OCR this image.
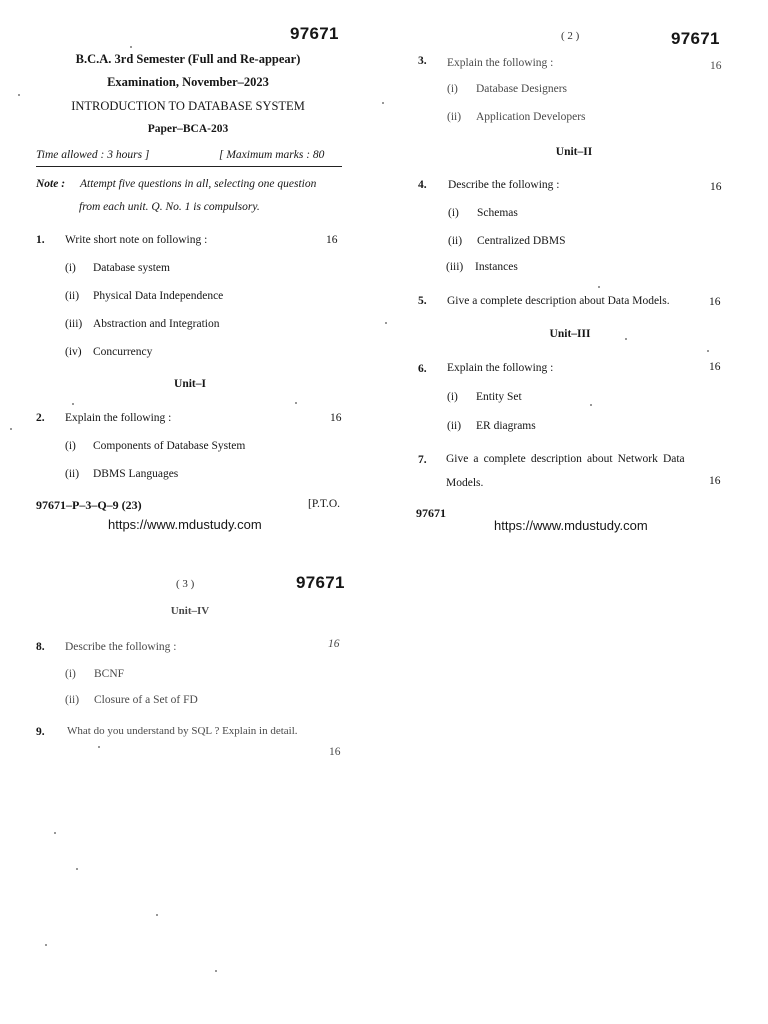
97671
B.C.A. 3rd Semester (Full and Re-appear)
Examination, November–2023
INTRODUCTION TO DATABASE SYSTEM
Paper–BCA-203
Time allowed : 3 hours ]	[ Maximum marks : 80
Note : Attempt five questions in all, selecting one question
from each unit. Q. No. 1 is compulsory.
1. Write short note on following :	16
(i) Database system
(ii) Physical Data Independence
(iii) Abstraction and Integration
(iv) Concurrency
Unit–I
2. Explain the following :	16
(i) Components of Database System
(ii) DBMS Languages
97671–P–3–Q–9 (23)	[P.T.O.
https://www.mdustudy.com
( 2 )	97671
3. Explain the following :	16
(i) Database Designers
(ii) Application Developers
Unit–II
4. Describe the following :	16
(i) Schemas
(ii) Centralized DBMS
(iii) Instances
5. Give a complete description about Data Models.	16
Unit–III
6. Explain the following :	16
(i) Entity Set
(ii) ER diagrams
7. Give a complete description about Network Data
Models.	16
97671
https://www.mdustudy.com
( 3 )	97671
Unit–IV
8. Describe the following :	16
(i) BCNF
(ii) Closure of a Set of FD
9. What do you understand by SQL ? Explain in detail.
16
